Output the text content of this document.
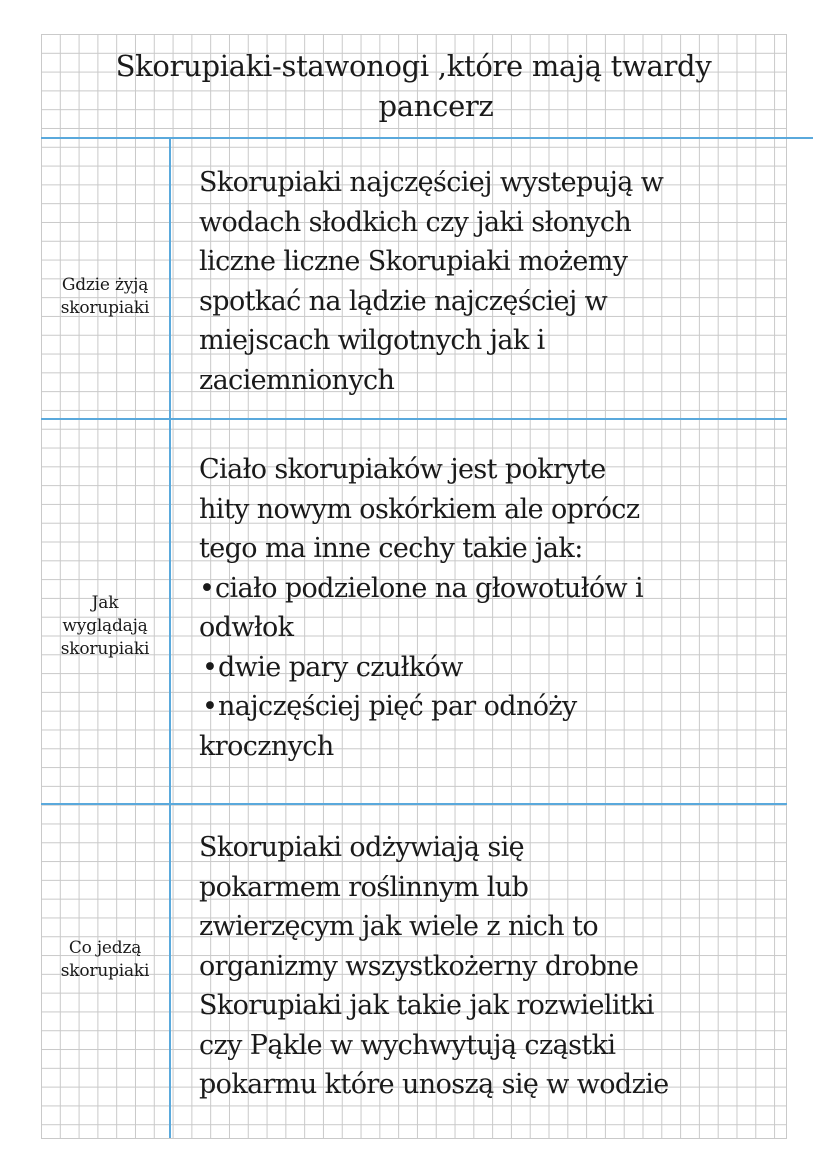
Skorupiaki-stawonogi ,które mają twardy
pancerz
Gdzie żyją
skorupiaki
Skorupiaki najczęściej wystepują w
wodach słodkich czy jaki słonych
liczne liczne Skorupiaki możemy
spotkać na lądzie najczęściej w
miejscach wilgotnych jak i
zaciemnionych
Jak
wyglądają
skorupiaki
Ciało skorupiaków jest pokryte
hity nowym oskórkiem ale oprócz
tego ma inne cechy takie jak:
•ciało podzielone na głowotułów i
odwłok
•dwie pary czułków
•najczęściej pięć par odnóży
krocznych
Co jedzą
skorupiaki
Skorupiaki odżywiają się
pokarmem roślinnym lub
zwierzęcym jak wiele z nich to
organizmy wszystkożerny drobne
Skorupiaki jak takie jak rozwielitki
czy Pąkle w wychwytują cząstki
pokarmu które unoszą się w wodzie
